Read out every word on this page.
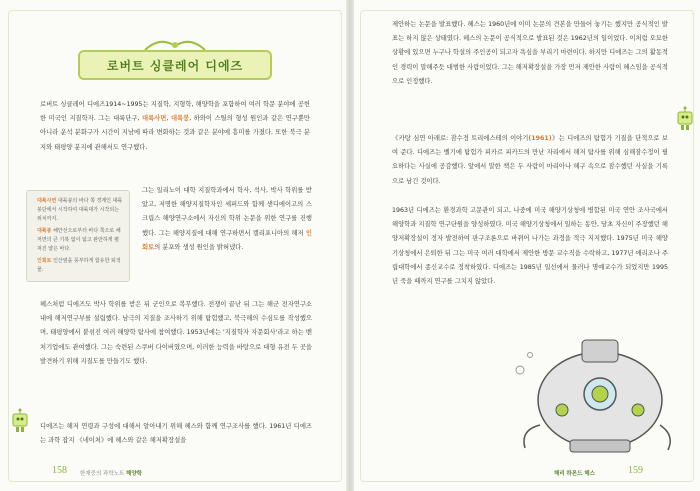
로버트 싱클레어 디에즈
로버트 싱클레어 디에즈1914~1995는 지질학, 지형학, 해양학을 포함하여 여러 학문 분야에 공헌한 미국인 지질학자. 그는 대륙단구, 대륙사면, 대륙붕, 하와이 스틸의 형성 원인과 같은 연구뿐만 아니라 운석 분화구가 시간이 지남에 따라 변화하는 것과 같은 분야에 흥미를 가졌다. 또한 북극 분지와 태평양 분지에 관해서도 연구했다.
대륙사면 대륙붕의 바다 쪽 경계인 대륙붕단에서 시작하여 대륙대가 시작되는 위치까지.
대륙붕 해안선으로부터 바다 쪽으로 해저면의 큰 기복 없이 넓고 완만하게 펼쳐진 얕은 바다.
인회토 인산염을 풍부하게 함유한 퇴적물.
그는 일리노이 대학 지질학과에서 학사, 석사, 박사 학위를 받았고, 저명한 해양지질학자인 세퍼드와 함께 샌디에이고의 스크립스 해양연구소에서 자신의 학위 논문을 위한 연구를 진행했다. 그는 해양지질에 대해 연구하면서 캘리포니아의 해저 인회토의 분포와 생성 원인을 밝혀냈다.
헤스처럼 디에즈도 박사 학위를 받은 뒤 군인으로 복무했다. 전쟁이 끝난 뒤 그는 해군 전자연구소 내에 해저연구부를 설립했다. 남극의 지질을 조사하기 위해 탐험했고, 북극해의 수심도를 작성했으며, 태평양에서 붙섞진 여러 해양학 탐사에 참여했다. 1953년에는 '지질학자 자문회사'라고 하는 벤처기업에도 관여했다. 그는 숙련된 스쿠버 다이버였으며, 이러한 능력을 바탕으로 대형 유전 두 곳을 발견하기 위해 지질도를 만들기도 했다.
디에즈는 해저 연령과 구성에 대해서 알아내기 위해 헤스와 함께 연구조사를 했다. 1961년 디에즈는 과학 잡지 《네이처》에 헤스와 같은 해저확장설을
제안하는 논문을 발표했다. 헤스는 1960년에 이미 논문의 견본을 만들어 놓기는 했지만 공식적인 발표는 하지 않은 상태였다. 헤스의 논문이 공식적으로 발표된 것은 1962년의 일이었다. 이처럼 오묘한 상황에 있으면 누구나 학설의 주인공이 되고자 욕심을 부리기 마련이다. 하지만 디에즈는 그의 활동적인 경력이 말해주듯 대범한 사람이었다. 그는 해저확장설을 가장 먼저 제안한 사람이 헤스임을 공식적으로 인정했다.
《카탕 심연 아래로: 잠수정 트리에스테의 이야기(1961)》는 디에즈의 탐험가 기질을 단적으로 보여 준다. 디에즈는 벨기에 탐험가 피카르 피카드의 만난 자리에서 해저 탐사를 위해 심해잠수정이 필요하다는 사실에 공감했다. 앞에서 말한 책은 두 사람이 마리아나 해구 속으로 잠수했던 사실을 기록으로 남긴 것이다.
1963년 디에즈는 환경과학 고문관이 되고, 나중에 미국 해양기상청에 병합된 미국 연안 조사국에서 해양학과 지질학 연구단원을 양성하였다. 미국 해양기상청에서 일하는 동안, 당초 자신이 주장했던 해양저확장설이 정자 발전하여 판구조론으로 바뀌어 나가는 과정을 적극 지지했다. 1975년 미국 해양기상청에서 은퇴한 뒤 그는 미국 여러 대학에서 제안한 방문 교수직을 수락하고, 1977년 애리조나 주립대학에서 종신교수로 정착하였다. 디에즈는 1985년 일선에서 물러나 명예교수가 되었지만 1995년 죽을 때까지 연구를 그치지 않았다.
158 한재중의 과학노트 해양학	해리 하몬드 헤스	159
